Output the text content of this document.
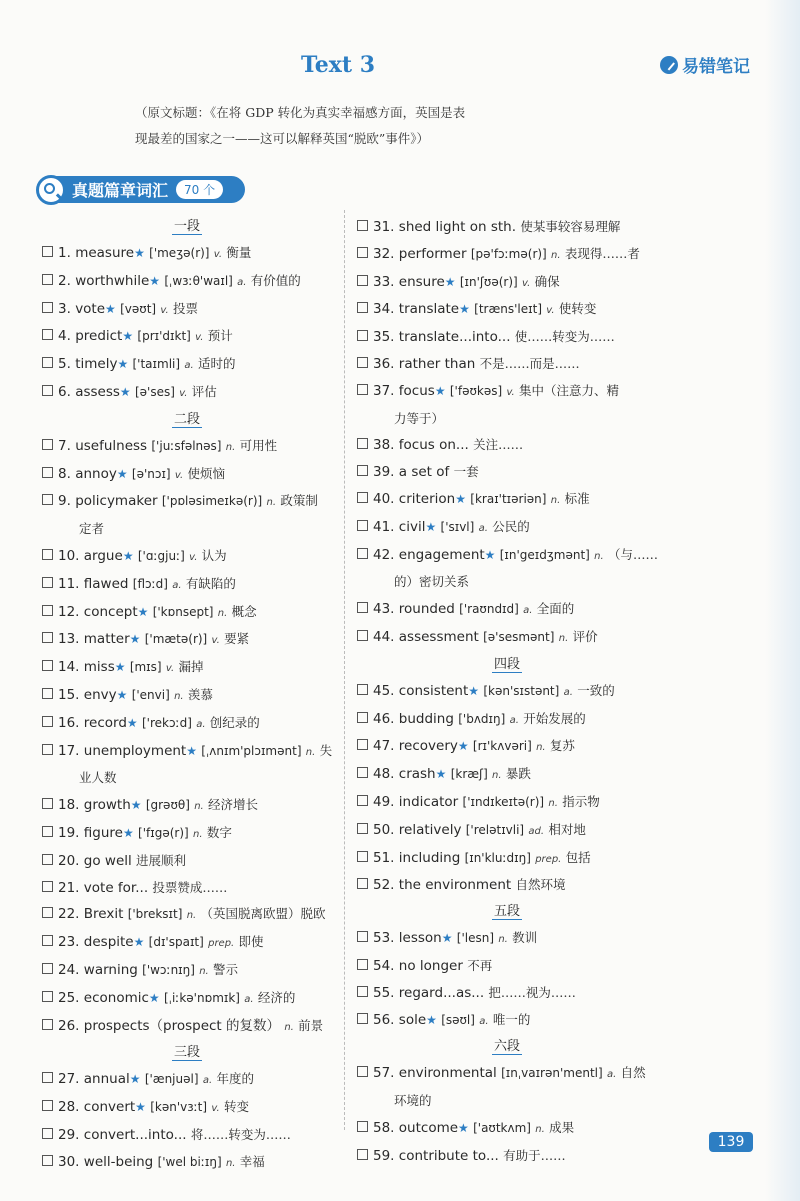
Text 3	易错笔记
（原文标题：《在将 GDP 转化为真实幸福感方面，英国是表
现最差的国家之一——这可以解释英国“脱欧”事件》）
真题篇章词汇	70 个
一段
1. measure★ ['meʒə(r)] v. 衡量
2. worthwhile★ [ˌwɜːθ'waɪl] a. 有价值的
3. vote★ [vəʊt] v. 投票
4. predict★ [prɪ'dɪkt] v. 预计
5. timely★ ['taɪmli] a. 适时的
6. assess★ [ə'ses] v. 评估
二段
7. usefulness ['juːsfəlnəs] n. 可用性
8. annoy★ [ə'nɔɪ] v. 使烦恼
9. policymaker ['pɒləsimeɪkə(r)] n. 政策制
定者
10. argue★ ['ɑːgjuː] v. 认为
11. flawed [flɔːd] a. 有缺陷的
12. concept★ ['kɒnsept] n. 概念
13. matter★ ['mætə(r)] v. 要紧
14. miss★ [mɪs] v. 漏掉
15. envy★ ['envi] n. 羡慕
16. record★ ['rekɔːd] a. 创纪录的
17. unemployment★ [ˌʌnɪm'plɔɪmənt] n. 失
业人数
18. growth★ [grəʊθ] n. 经济增长
19. figure★ ['fɪgə(r)] n. 数字
20. go well 进展顺利
21. vote for... 投票赞成……
22. Brexit ['breksɪt] n. （英国脱离欧盟）脱欧
23. despite★ [dɪ'spaɪt] prep. 即使
24. warning ['wɔːnɪŋ] n. 警示
25. economic★ [ˌiːkə'nɒmɪk] a. 经济的
26. prospects（prospect 的复数） n. 前景
三段
27. annual★ ['ænjuəl] a. 年度的
28. convert★ [kən'vɜːt] v. 转变
29. convert...into... 将……转变为……
30. well-being ['wel biːɪŋ] n. 幸福
31. shed light on sth. 使某事较容易理解
32. performer [pə'fɔːmə(r)] n. 表现得……者
33. ensure★ [ɪn'ʃʊə(r)] v. 确保
34. translate★ [træns'leɪt] v. 使转变
35. translate...into... 使……转变为……
36. rather than 不是……而是……
37. focus★ ['fəʊkəs] v. 集中（注意力、精
力等于）
38. focus on... 关注……
39. a set of 一套
40. criterion★ [kraɪ'tɪəriən] n. 标准
41. civil★ ['sɪvl] a. 公民的
42. engagement★ [ɪn'geɪdʒmənt] n. （与……
的）密切关系
43. rounded ['raʊndɪd] a. 全面的
44. assessment [ə'sesmənt] n. 评价
四段
45. consistent★ [kən'sɪstənt] a. 一致的
46. budding ['bʌdɪŋ] a. 开始发展的
47. recovery★ [rɪ'kʌvəri] n. 复苏
48. crash★ [kræʃ] n. 暴跌
49. indicator ['ɪndɪkeɪtə(r)] n. 指示物
50. relatively ['relətɪvli] ad. 相对地
51. including [ɪn'kluːdɪŋ] prep. 包括
52. the environment 自然环境
五段
53. lesson★ ['lesn] n. 教训
54. no longer 不再
55. regard...as... 把……视为……
56. sole★ [səʊl] a. 唯一的
六段
57. environmental [ɪnˌvaɪrən'mentl] a. 自然
环境的
58. outcome★ ['aʊtkʌm] n. 成果
59. contribute to... 有助于……
139
